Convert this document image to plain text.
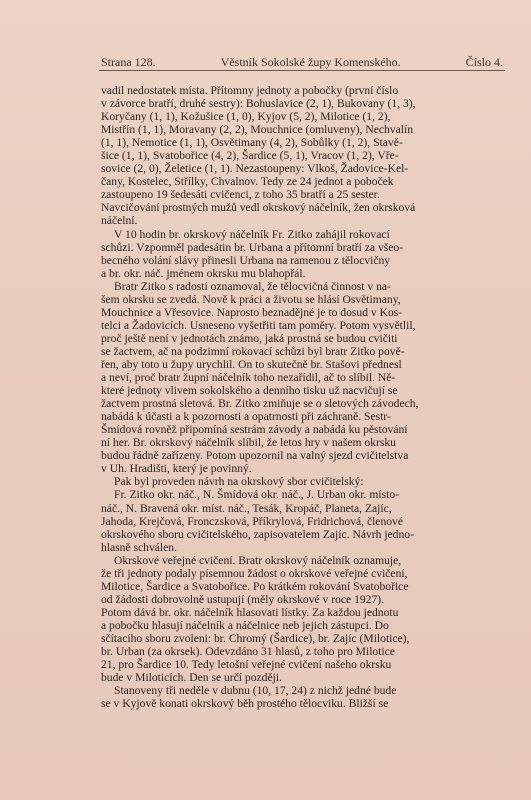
Strana 128.	Věstník Sokolské župy Komenského.	Číslo 4.
vadil nedostatek místa. Přítomny jednoty a pobočky (první číslo
v závorce bratří, druhé sestry): Bohuslavice (2, 1), Bukovany (1, 3),
Koryčany (1, 1), Kožušice (1, 0), Kyjov (5, 2), Milotice (1, 2),
Mistřín (1, 1), Moravany (2, 2), Mouchnice (omluveny), Nechvalín
(1, 1), Nemotice (1, 1), Osvětimany (4, 2), Sobůlky (1, 2), Stavě-
šice (1, 1), Svatobořice (4, 2), Šardice (5, 1), Vracov (1, 2), Vře-
sovice (2, 0), Želetice (1, 1). Nezastoupeny: Vlkoš, Žadovice-Kel-
čany, Kostelec, Střílky, Chvalnov. Tedy ze 24 jednot a poboček
zastoupeno 19 šedesáti cvičenci, z toho 35 bratří a 25 sester.
Navcičování prostných mužů vedl okrskový náčelník, žen okrsková
náčelní.
V 10 hodin br. okrskový náčelník Fr. Zitko zahájil rokovací
schůzi. Vzpomněl padesátin br. Urbana a přítomní bratří za všeo-
becného volání slávy přinesli Urbana na ramenou z tělocvičny
a br. okr. náč. jménem okrsku mu blahopřál.
Bratr Zitko s radostí oznamoval, že tělocvičná činnost v na-
šem okrsku se zvedá. Nově k práci a životu se hlásí Osvětimany,
Mouchnice a Vřesovice. Naprosto beznadějné je to dosud v Kos-
telci a Žadovicích. Usneseno vyšetřiti tam poměry. Potom vysvětlil,
proč ještě není v jednotách známo, jaká prostná se budou cvičiti
se žactvem, ač na podzimní rokovací schůzi byl bratr Zitko pově-
řen, aby toto u župy urychlil. On to skutečně br. Stašovi přednesl
a neví, proč bratr župní náčelník toho nezařídil, ač to slíbil. Ně-
které jednoty vlivem sokolského a denního tisku už nacvičují se
žactvem prostná sletová. Br. Zitko zmiňuje se o sletových závodech,
nabádá k účasti a k pozornosti a opatrnosti při záchraně. Sestr-
Šmídová rovněž připomíná sestrám závody a nabádá ku pěstování
ní her. Br. okrskový náčelník slíbil, že letos hry v našem okrsku
budou řádně zařízeny. Potom upozornil na valný sjezd cvičitelstva
v Uh. Hradišti, který je povinný.
Pak byl proveden návrh na okrskový sbor cvičitelský:
Fr. Zitko okr. náč., N. Šmídová okr. náč., J. Urban okr. místo-
náč., N. Bravená okr. míst. náč., Tesák, Kropáč, Planeta, Zajíc,
Jahoda, Krejčová, Fronczsková, Příkrylová, Fridrichová, členové
okrskového sboru cvičitelského, zapisovatelem Zajíc. Návrh jedno-
hlasně schválen.
Okrskové veřejné cvičení. Bratr okrskový náčelník oznamuje,
že tři jednoty podaly písemnou žádost o okrskové veřejné cvičení,
Milotice, Šardice a Svatobořice. Po krátkém rokování Svatobořice
od žádosti dobrovolně ustupují (měly okrskové v roce 1927).
Potom dává br. okr. náčelník hlasovati lístky. Za každou jednotu
a pobočku hlasují náčelník a náčelnice neb jejich zástupci. Do
sčítacího sboru zvoleni: br. Chromý (Šardice), br. Zajíc (Milotice),
br. Urban (za okrsek). Odevzdáno 31 hlasů, z toho pro Milotice
21, pro Šardice 10. Tedy letošní veřejné cvičení našeho okrsku
bude v Miloticích. Den se určí později.
Stanoveny tři neděle v dubnu (10, 17, 24) z nichž jedné bude
se v Kyjově konati okrskový běh prostého tělocviku. Bližší se
